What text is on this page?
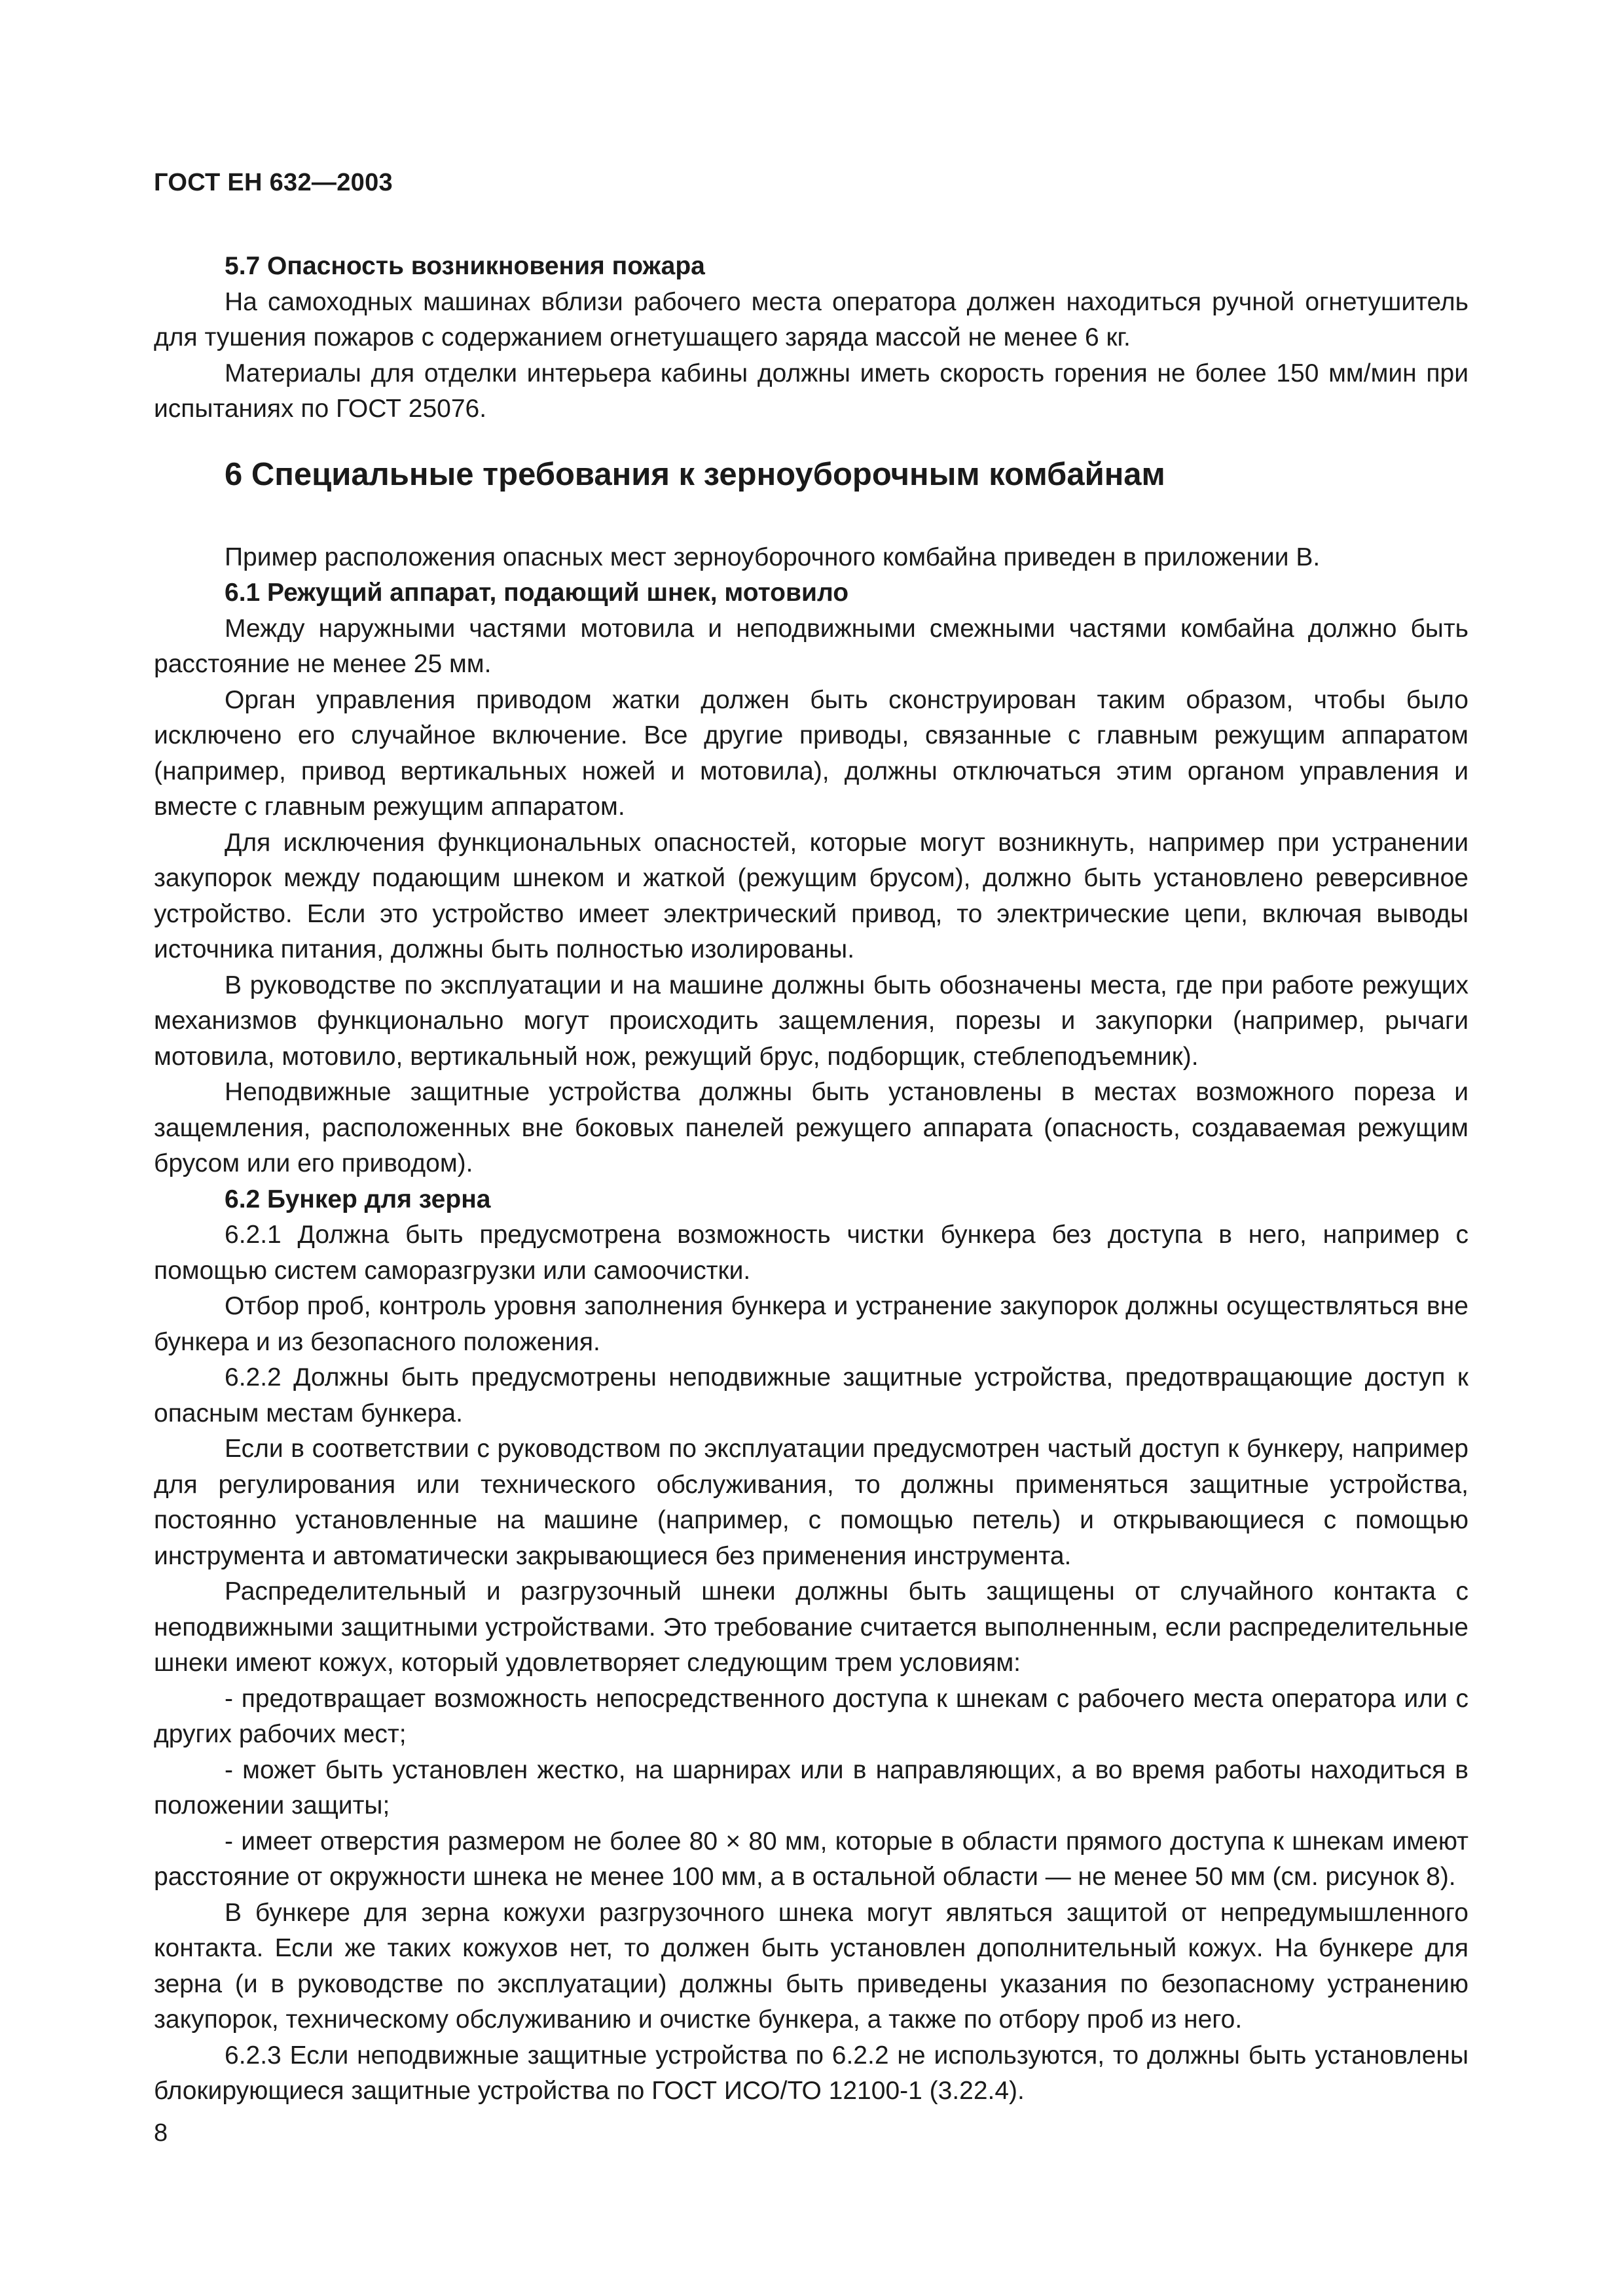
ГОСТ ЕН 632—2003

5.7 Опасность возникновения пожара

На самоходных машинах вблизи рабочего места оператора должен находиться ручной огнетушитель для тушения пожаров с содержанием огнетушащего заряда массой не менее 6 кг.

Материалы для отделки интерьера кабины должны иметь скорость горения не более 150 мм/мин при испытаниях по ГОСТ 25076.

6 Специальные требования к зерноуборочным комбайнам

Пример расположения опасных мест зерноуборочного комбайна приведен в приложении В.

6.1 Режущий аппарат, подающий шнек, мотовило

Между наружными частями мотовила и неподвижными смежными частями комбайна должно быть расстояние не менее 25 мм.

Орган управления приводом жатки должен быть сконструирован таким образом, чтобы было исключено его случайное включение. Все другие приводы, связанные с главным режущим аппаратом (например, привод вертикальных ножей и мотовила), должны отключаться этим органом управления и вместе с главным режущим аппаратом.

Для исключения функциональных опасностей, которые могут возникнуть, например при устранении закупорок между подающим шнеком и жаткой (режущим брусом), должно быть установлено реверсивное устройство. Если это устройство имеет электрический привод, то электрические цепи, включая выводы источника питания, должны быть полностью изолированы.

В руководстве по эксплуатации и на машине должны быть обозначены места, где при работе режущих механизмов функционально могут происходить защемления, порезы и закупорки (например, рычаги мотовила, мотовило, вертикальный нож, режущий брус, подборщик, стеблеподъемник).

Неподвижные защитные устройства должны быть установлены в местах возможного пореза и защемления, расположенных вне боковых панелей режущего аппарата (опасность, создаваемая режущим брусом или его приводом).

6.2 Бункер для зерна

6.2.1 Должна быть предусмотрена возможность чистки бункера без доступа в него, например с помощью систем саморазгрузки или самоочистки.

Отбор проб, контроль уровня заполнения бункера и устранение закупорок должны осуществляться вне бункера и из безопасного положения.

6.2.2 Должны быть предусмотрены неподвижные защитные устройства, предотвращающие доступ к опасным местам бункера.

Если в соответствии с руководством по эксплуатации предусмотрен частый доступ к бункеру, например для регулирования или технического обслуживания, то должны применяться защитные устройства, постоянно установленные на машине (например, с помощью петель) и открывающиеся с помощью инструмента и автоматически закрывающиеся без применения инструмента.

Распределительный и разгрузочный шнеки должны быть защищены от случайного контакта с неподвижными защитными устройствами. Это требование считается выполненным, если распределительные шнеки имеют кожух, который удовлетворяет следующим трем условиям:

- предотвращает возможность непосредственного доступа к шнекам с рабочего места оператора или с других рабочих мест;

- может быть установлен жестко, на шарнирах или в направляющих, а во время работы находиться в положении защиты;

- имеет отверстия размером не более 80 × 80 мм, которые в области прямого доступа к шнекам имеют расстояние от окружности шнека не менее 100 мм, а в остальной области — не менее 50 мм (см. рисунок 8).

В бункере для зерна кожухи разгрузочного шнека могут являться защитой от непредумышленного контакта. Если же таких кожухов нет, то должен быть установлен дополнительный кожух. На бункере для зерна (и в руководстве по эксплуатации) должны быть приведены указания по безопасному устранению закупорок, техническому обслуживанию и очистке бункера, а также по отбору проб из него.

6.2.3 Если неподвижные защитные устройства по 6.2.2 не используются, то должны быть установлены блокирующиеся защитные устройства по ГОСТ ИСО/ТО 12100-1 (3.22.4).

8
